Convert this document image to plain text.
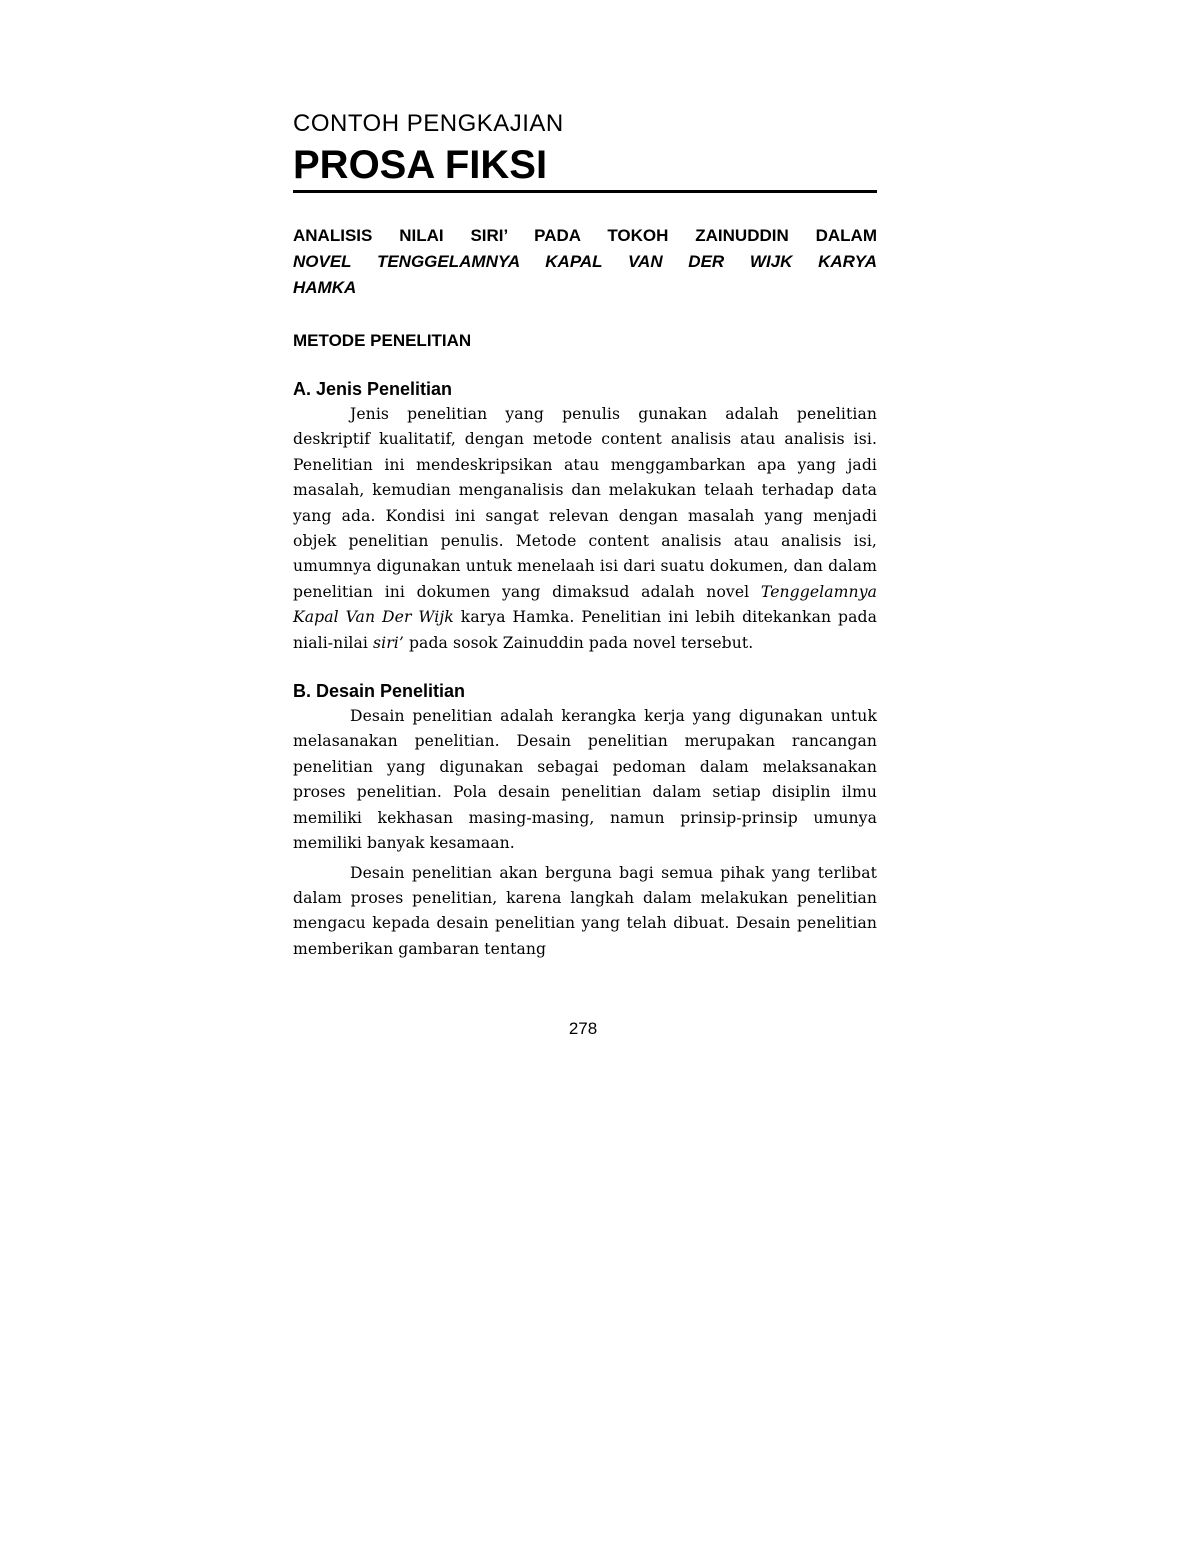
CONTOH PENGKAJIAN

PROSA FIKSI
ANALISIS NILAI SIRI’ PADA TOKOH ZAINUDDIN DALAM
NOVEL TENGGELAMNYA KAPAL VAN DER WIJK KARYA
HAMKA
METODE PENELITIAN
A. Jenis Penelitian

Jenis penelitian yang penulis gunakan adalah penelitian deskriptif kualitatif, dengan metode content analisis atau analisis isi. Penelitian ini mendeskripsikan atau menggambarkan apa yang jadi masalah, kemudian menganalisis dan melakukan telaah terhadap data yang ada. Kondisi ini sangat relevan dengan masalah yang menjadi objek penelitian penulis. Metode content analisis atau analisis isi, umumnya digunakan untuk menelaah isi dari suatu dokumen, dan dalam penelitian ini dokumen yang dimaksud adalah novel Tenggelamnya Kapal Van Der Wijk karya Hamka. Penelitian ini lebih ditekankan pada niali-nilai siri’ pada sosok Zainuddin pada novel tersebut.

B. Desain Penelitian

Desain penelitian adalah kerangka kerja yang digunakan untuk melasanakan penelitian. Desain penelitian merupakan rancangan penelitian yang digunakan sebagai pedoman dalam melaksanakan proses penelitian. Pola desain penelitian dalam setiap disiplin ilmu memiliki kekhasan masing-masing, namun prinsip-prinsip umunya memiliki banyak kesamaan.

Desain penelitian akan berguna bagi semua pihak yang terlibat dalam proses penelitian, karena langkah dalam melakukan penelitian mengacu kepada desain penelitian yang telah dibuat. Desain penelitian memberikan gambaran tentang

278
